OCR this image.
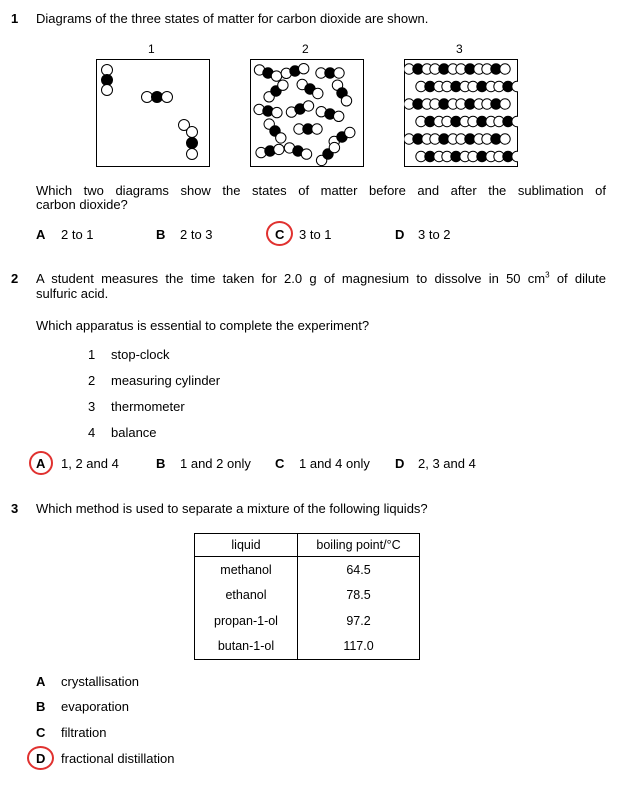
1 Diagrams of the three states of matter for carbon dioxide are shown.
1	2	3
Which two diagrams show the states of matter before and after the sublimation of
carbon dioxide?
A 2 to 1	B 2 to 3	C 3 to 1	D 3 to 2
2 A student measures the time taken for 2.0 g of magnesium to dissolve in 50 $cm^3$ of dilute
sulfuric acid.
Which apparatus is essential to complete the experiment?
1 stop-clock
2 measuring cylinder
3 thermometer
4 balance
A 1, 2 and 4	B 1 and 2 only C 1 and 4 only D 2, 3 and 4
3 Which method is used to separate a mixture of the following liquids?
liquid	boiling point/°C
methanol	64.5
ethanol	78.5
propan-1-ol	97.2
butan-1-ol	117.0
A crystallisation
B evaporation
C filtration
D fractional distillation
